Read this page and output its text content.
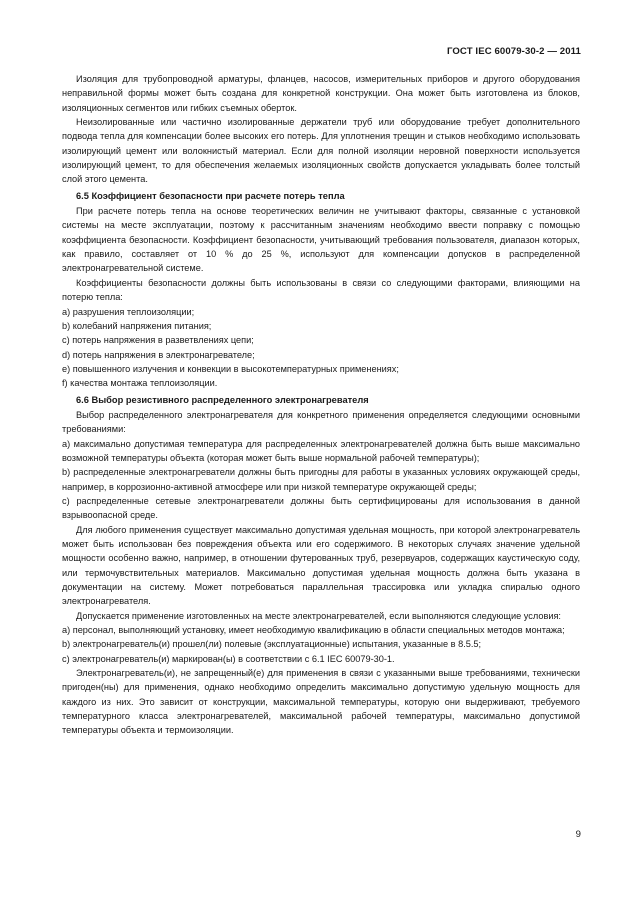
ГОСТ IEC 60079-30-2 — 2011

Изоляция для трубопроводной арматуры, фланцев, насосов, измерительных приборов и другого оборудования неправильной формы может быть создана для конкретной конструкции. Она может быть изготовлена из блоков, изоляционных сегментов или гибких съемных оберток.

Неизолированные или частично изолированные держатели труб или оборудование требует дополнительного подвода тепла для компенсации более высоких его потерь. Для уплотнения трещин и стыков необходимо использовать изолирующий цемент или волокнистый материал. Если для полной изоляции неровной поверхности используется изолирующий цемент, то для обеспечения желаемых изоляционных свойств допускается укладывать более толстый слой этого цемента.

6.5 Коэффициент безопасности при расчете потерь тепла

При расчете потерь тепла на основе теоретических величин не учитывают факторы, связанные с установкой системы на месте эксплуатации, поэтому к рассчитанным значениям необходимо ввести поправку с помощью коэффициента безопасности. Коэффициент безопасности, учитывающий требования пользователя, диапазон которых, как правило, составляет от 10 % до 25 %, используют для компенсации допусков в распределенной электронагревательной системе.

Коэффициенты безопасности должны быть использованы в связи со следующими факторами, влияющими на потерю тепла:

a) разрушения теплоизоляции;

b) колебаний напряжения питания;

c) потерь напряжения в разветвлениях цепи;

d) потерь напряжения в электронагревателе;

e) повышенного излучения и конвекции в высокотемпературных применениях;

f) качества монтажа теплоизоляции.

6.6 Выбор резистивного распределенного электронагревателя

Выбор распределенного электронагревателя для конкретного применения определяется следующими основными требованиями:

a) максимально допустимая температура для распределенных электронагревателей должна быть выше максимально возможной температуры объекта (которая может быть выше нормальной рабочей температуры);

b) распределенные электронагреватели должны быть пригодны для работы в указанных условиях окружающей среды, например, в коррозионно-активной атмосфере или при низкой температуре окружающей среды;

c) распределенные сетевые электронагреватели должны быть сертифицированы для использования в данной взрывоопасной среде.

Для любого применения существует максимально допустимая удельная мощность, при которой электронагреватель может быть использован без повреждения объекта или его содержимого. В некоторых случаях значение удельной мощности особенно важно, например, в отношении футерованных труб, резервуаров, содержащих каустическую соду, или термочувствительных материалов. Максимально допустимая удельная мощность должна быть указана в документации на систему. Может потребоваться параллельная трассировка или укладка спиралью одного электронагревателя.

Допускается применение изготовленных на месте электронагревателей, если выполняются следующие условия:

a) персонал, выполняющий установку, имеет необходимую квалификацию в области специальных методов монтажа;

b) электронагреватель(и) прошел(ли) полевые (эксплуатационные) испытания, указанные в 8.5.5;

c) электронагреватель(и) маркирован(ы) в соответствии с 6.1 IEC 60079-30-1.

Электронагреватель(и), не запрещенный(е) для применения в связи с указанными выше требованиями, технически пригоден(ны) для применения, однако необходимо определить максимально допустимую удельную мощность для каждого из них. Это зависит от конструкции, максимальной температуры, которую они выдерживают, требуемого температурного класса электронагревателей, максимальной рабочей температуры, максимально допустимой температуры объекта и термоизоляции.

9
